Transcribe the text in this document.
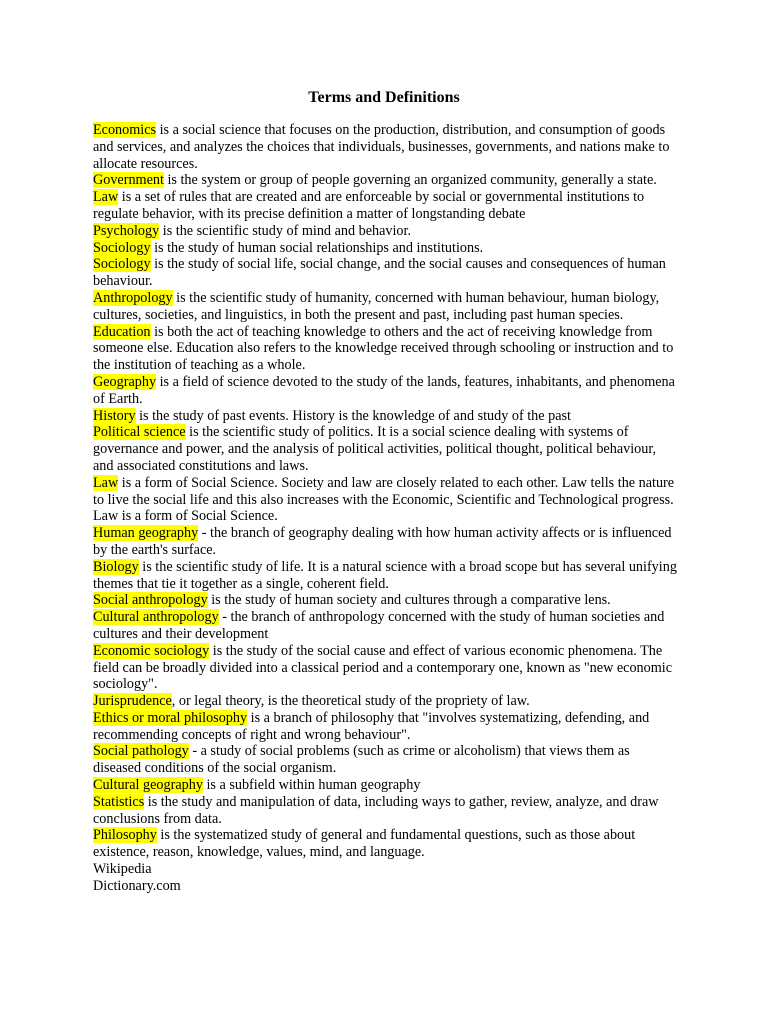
Terms and Definitions

Economics is a social science that focuses on the production, distribution, and consumption of goods and services, and analyzes the choices that individuals, businesses, governments, and nations make to allocate resources.

Government is the system or group of people governing an organized community, generally a state.

Law is a set of rules that are created and are enforceable by social or governmental institutions to regulate behavior, with its precise definition a matter of longstanding debate

Psychology is the scientific study of mind and behavior.

Sociology is the study of human social relationships and institutions.

Sociology is the study of social life, social change, and the social causes and consequences of human behaviour.

Anthropology is the scientific study of humanity, concerned with human behaviour, human biology, cultures, societies, and linguistics, in both the present and past, including past human species.

Education is both the act of teaching knowledge to others and the act of receiving knowledge from someone else. Education also refers to the knowledge received through schooling or instruction and to the institution of teaching as a whole.

Geography is a field of science devoted to the study of the lands, features, inhabitants, and phenomena of Earth.

History is the study of past events. History is the knowledge of and study of the past

Political science is the scientific study of politics. It is a social science dealing with systems of governance and power, and the analysis of political activities, political thought, political behaviour, and associated constitutions and laws.

Law is a form of Social Science. Society and law are closely related to each other. Law tells the nature to live the social life and this also increases with the Economic, Scientific and Technological progress. Law is a form of Social Science.

Human geography - the branch of geography dealing with how human activity affects or is influenced by the earth's surface.

Biology is the scientific study of life. It is a natural science with a broad scope but has several unifying themes that tie it together as a single, coherent field.

Social anthropology is the study of human society and cultures through a comparative lens.

Cultural anthropology - the branch of anthropology concerned with the study of human societies and cultures and their development

Economic sociology is the study of the social cause and effect of various economic phenomena. The field can be broadly divided into a classical period and a contemporary one, known as "new economic sociology".

Jurisprudence, or legal theory, is the theoretical study of the propriety of law.

Ethics or moral philosophy is a branch of philosophy that "involves systematizing, defending, and recommending concepts of right and wrong behaviour".

Social pathology - a study of social problems (such as crime or alcoholism) that views them as diseased conditions of the social organism.

Cultural geography is a subfield within human geography

Statistics is the study and manipulation of data, including ways to gather, review, analyze, and draw conclusions from data.

Philosophy is the systematized study of general and fundamental questions, such as those about existence, reason, knowledge, values, mind, and language.

Wikipedia

Dictionary.com
